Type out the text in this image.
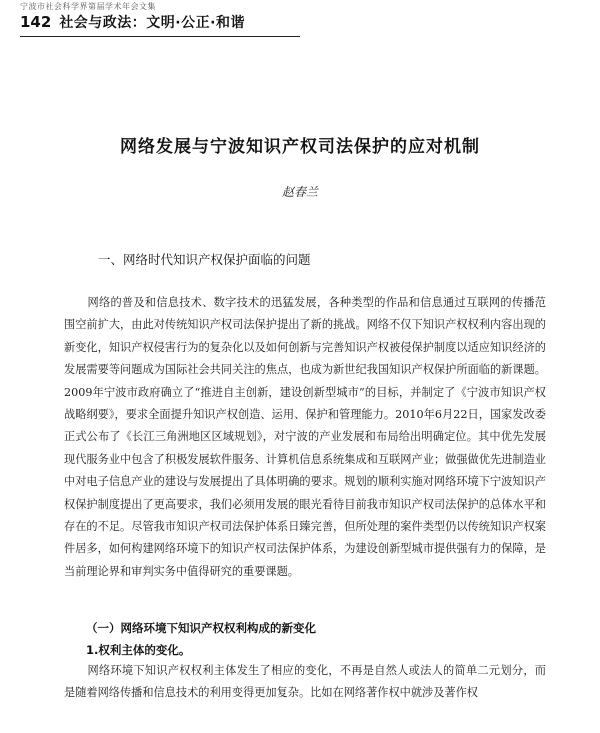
宁波市社会科学界第届学术年会文集
142 社会与政法：文明·公正·和谐
网络发展与宁波知识产权司法保护的应对机制
赵春兰
一、网络时代知识产权保护面临的问题

网络的普及和信息技术、数字技术的迅猛发展，各种类型的作品和信息通过互联网的传播范围空前扩大，由此对传统知识产权司法保护提出了新的挑战。网络不仅下知识产权权利内容出现的新变化，知识产权侵害行为的复杂化以及如何创新与完善知识产权被侵保护制度以适应知识经济的发展需要等问题成为国际社会共同关注的焦点，也成为新世纪我国知识产权保护所面临的新课题。2009年宁波市政府确立了“推进自主创新，建设创新型城市”的目标，并制定了《宁波市知识产权战略纲要》，要求全面提升知识产权创造、运用、保护和管理能力。2010年6月22日，国家发改委正式公布了《长江三角洲地区区域规划》，对宁波的产业发展和布局给出明确定位。其中优先发展现代服务业中包含了积极发展软件服务、计算机信息系统集成和互联网产业；做强做优先进制造业中对电子信息产业的建设与发展提出了具体明确的要求。规划的顺利实施对网络环境下宁波知识产权保护制度提出了更高要求，我们必须用发展的眼光看待目前我市知识产权司法保护的总体水平和存在的不足。尽管我市知识产权司法保护体系日臻完善，但所处理的案件类型仍以传统知识产权案件居多，如何构建网络环境下的知识产权司法保护体系，为建设创新型城市提供强有力的保障，是当前理论界和审判实务中值得研究的重要课题。

（一）网络环境下知识产权权利构成的新变化
1.权利主体的变化。

网络环境下知识产权权利主体发生了相应的变化，不再是自然人或法人的简单二元划分，而是随着网络传播和信息技术的利用变得更加复杂。比如在网络著作权中就涉及著作权
